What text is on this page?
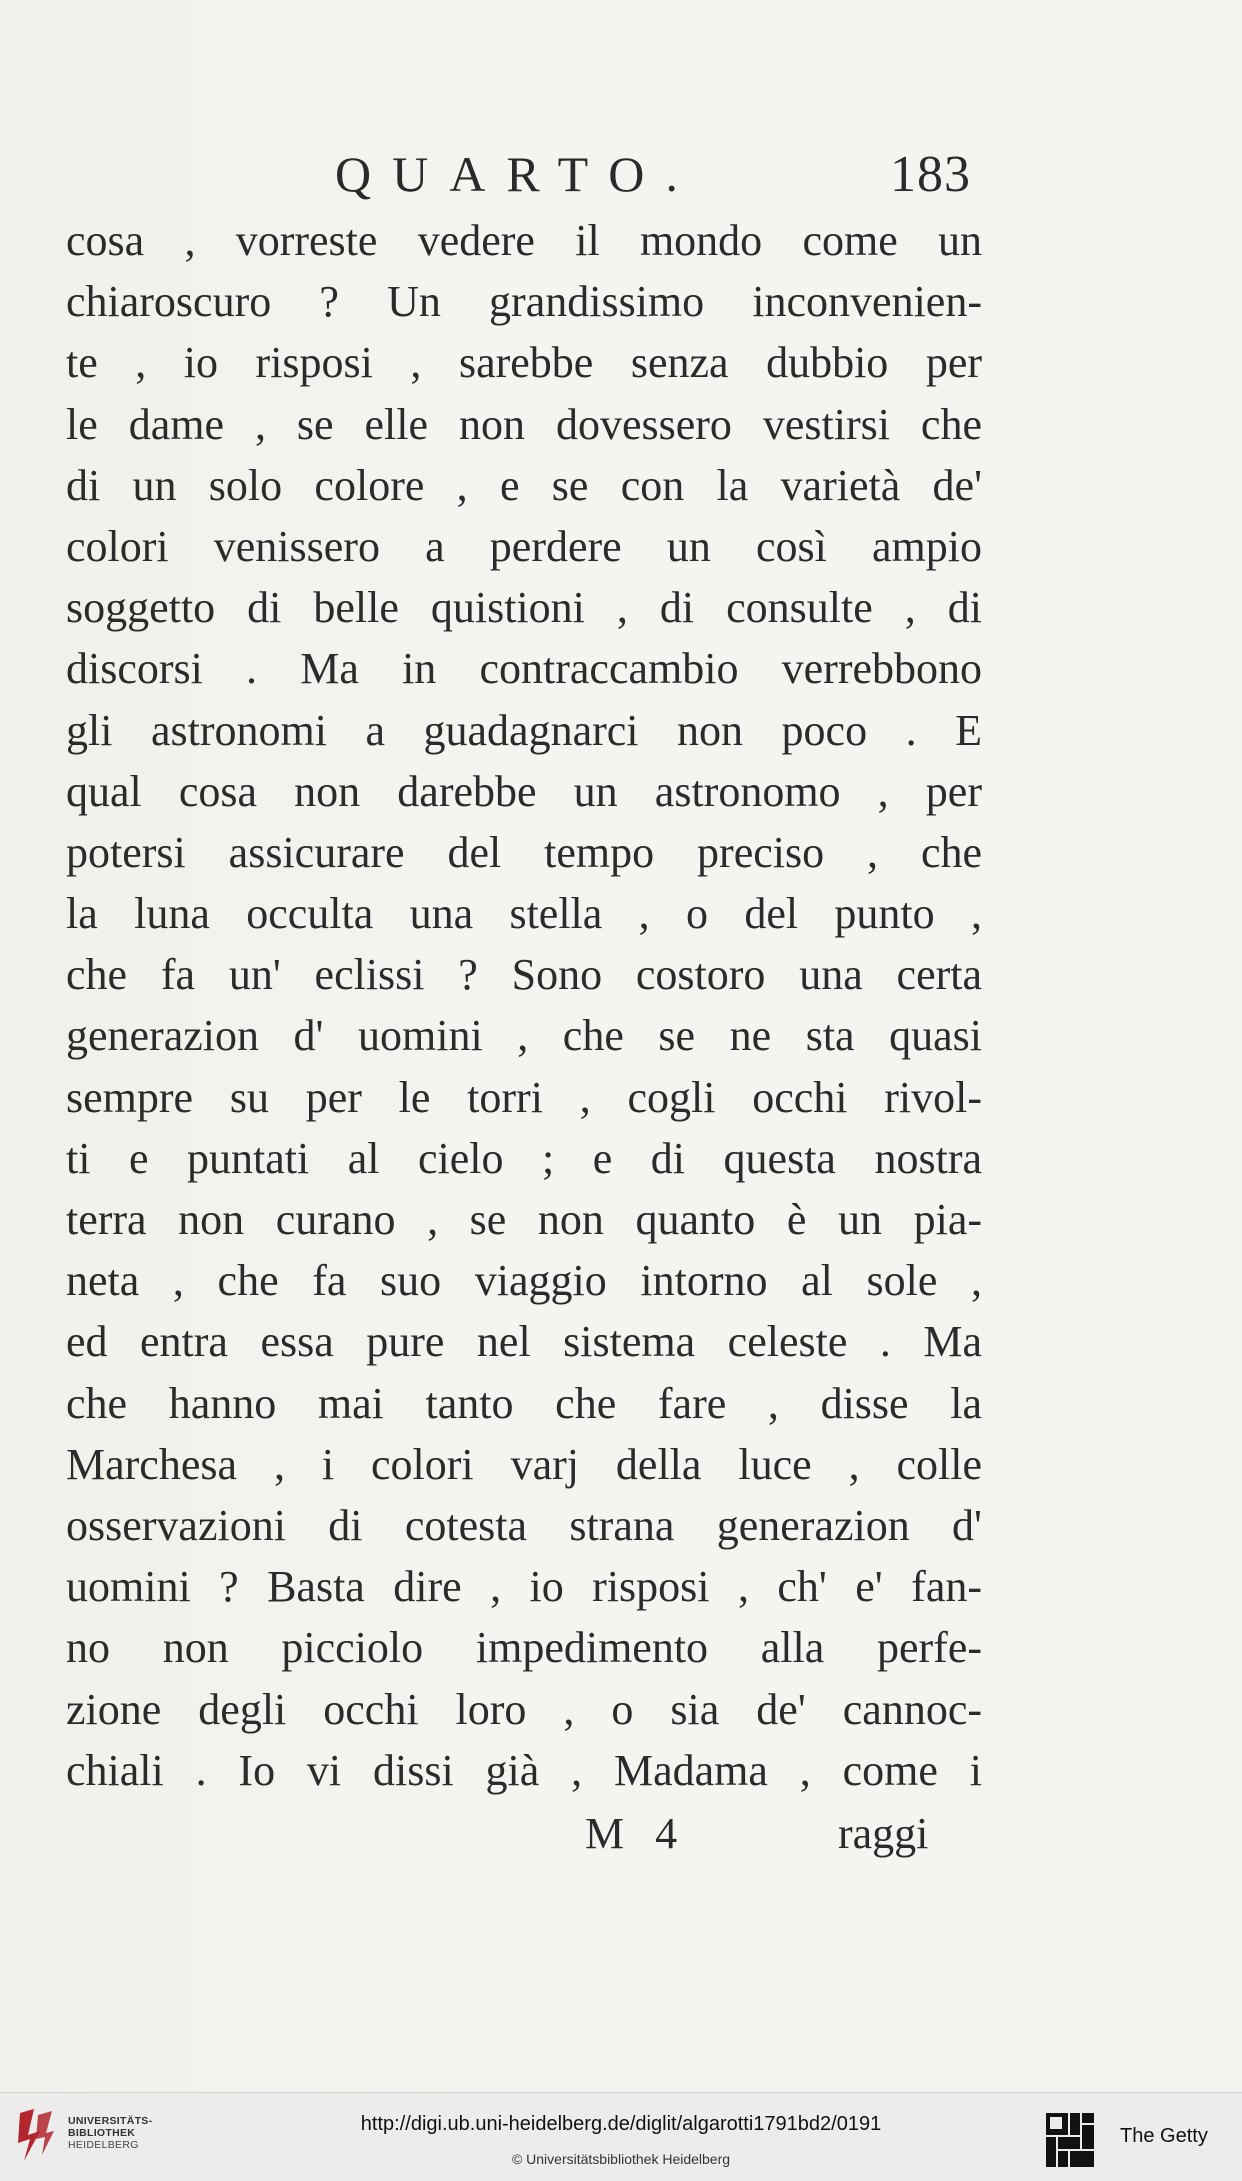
QUARTO.	183
cosa , vorreste vedere il mondo come un
chiaroscuro ? Un grandissimo inconvenien-
te , io risposi , sarebbe senza dubbio per
le dame , se elle non dovessero vestirsi che
di un solo colore , e se con la varietà de'
colori venissero a perdere un così ampio
soggetto di belle quistioni , di consulte , di
discorsi . Ma in contraccambio verrebbono
gli astronomi a guadagnarci non poco . E
qual cosa non darebbe un astronomo , per
potersi assicurare del tempo preciso , che
la luna occulta una stella , o del punto ,
che fa un' eclissi ? Sono costoro una certa
generazion d' uomini , che se ne sta quasi
sempre su per le torri , cogli occhi rivol-
ti e puntati al cielo ; e di questa nostra
terra non curano , se non quanto è un pia-
neta , che fa suo viaggio intorno al sole ,
ed entra essa pure nel sistema celeste . Ma
che hanno mai tanto che fare , disse la
Marchesa , i colori varj della luce , colle
osservazioni di cotesta strana generazion d'
uomini ? Basta dire , io risposi , ch' e' fan-
no non picciolo impedimento alla perfe-
zione degli occhi loro , o sia de' cannoc-
chiali . Io vi dissi già , Madama , come i
M 4	raggi
UNIVERSITÄTS-
BIBLIOTHEK
HEIDELBERG
http://digi.ub.uni-heidelberg.de/diglit/algarotti1791bd2/0191
© Universitätsbibliothek Heidelberg
The Getty
